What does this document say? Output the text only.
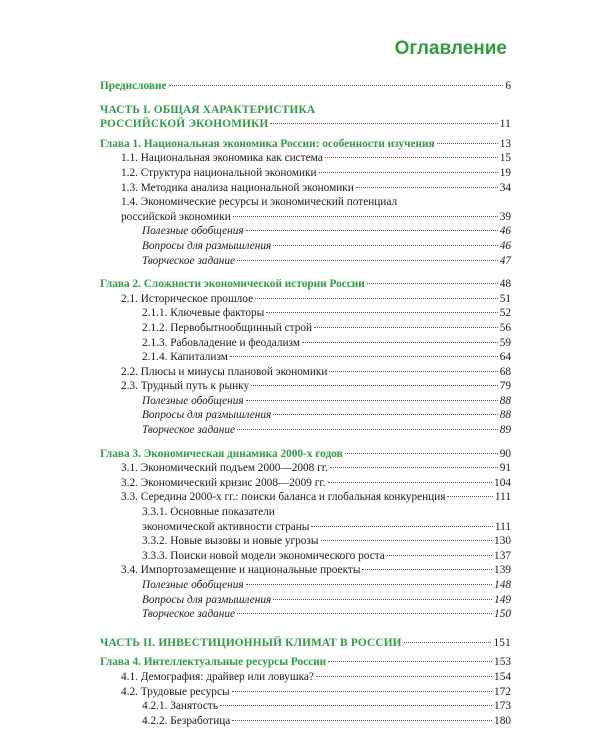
Оглавление
Предисловие	6
ЧАСТЬ I. ОБЩАЯ ХАРАКТЕРИСТИКА
РОССИЙСКОЙ ЭКОНОМИКИ	11
Глава 1. Национальная экономика России: особенности изучения	13
1.1. Национальная экономика как система	15
1.2. Структура национальной экономики	19
1.3. Методика анализа национальной экономики	34
1.4. Экономические ресурсы и экономический потенциал
российской экономики	39
Полезные обобщения	46
Вопросы для размышления	46
Творческое задание	47
Глава 2. Сложности экономической истории России	48
2.1. Историческое прошлое	51
2.1.1. Ключевые факторы	52
2.1.2. Первобытнообщинный строй	56
2.1.3. Рабовладение и феодализм	59
2.1.4. Капитализм	64
2.2. Плюсы и минусы плановой экономики	68
2.3. Трудный путь к рынку	79
Полезные обобщения	88
Вопросы для размышления	88
Творческое задание	89
Глава 3. Экономическая динамика 2000-х годов	90
3.1. Экономический подъем 2000—2008 гг.	91
3.2. Экономический кризис 2008—2009 гг.	104
3.3. Середина 2000-х гг.: поиски баланса и глобальная конкуренция	111
3.3.1. Основные показатели
экономической активности страны	111
3.3.2. Новые вызовы и новые угрозы	130
3.3.3. Поиски новой модели экономического роста	137
3.4. Импортозамещение и национальные проекты	139
Полезные обобщения	148
Вопросы для размышления	149
Творческое задание	150
ЧАСТЬ II. ИНВЕСТИЦИОННЫЙ КЛИМАТ В РОССИИ	151
Глава 4. Интеллектуальные ресурсы России	153
4.1. Демография: драйвер или ловушка?	154
4.2. Трудовые ресурсы	172
4.2.1. Занятость	173
4.2.2. Безработица	180
